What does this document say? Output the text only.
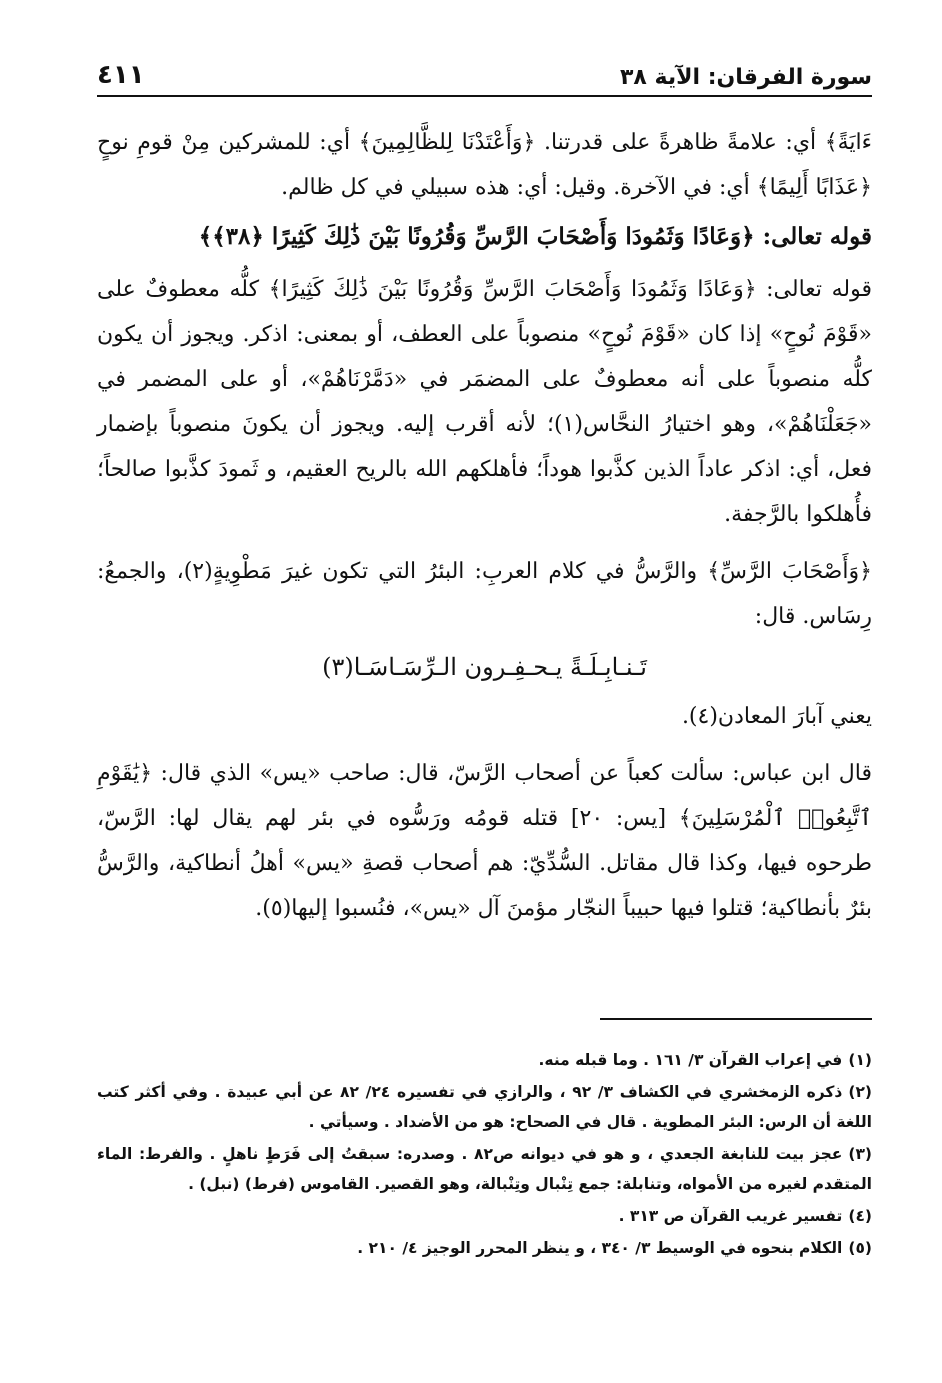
سورة الفرقان: الآية ٣٨
٤١١

ءَايَةً﴾ أي: علامةً ظاهرةً على قدرتنا. ﴿وَأَعْتَدْنَا لِلظَّالِمِينَ﴾ أي: للمشركين مِنْ قومِ نوحٍ ﴿عَذَابًا أَلِيمًا﴾ أي: في الآخرة. وقيل: أي: هذه سبيلي في كل ظالم.

قوله تعالى: ﴿وَعَادًا وَثَمُودَا وَأَصْحَابَ الرَّسِّ وَقُرُونًا بَيْنَ ذَٰلِكَ كَثِيرًا ﴿٣٨﴾﴾

قوله تعالى: ﴿وَعَادًا وَثَمُودَا وَأَصْحَابَ الرَّسِّ وَقُرُونًا بَيْنَ ذَٰلِكَ كَثِيرًا﴾ كلُّه معطوفٌ على «قَوْمَ نُوحٍ» إذا كان «قَوْمَ نُوحٍ» منصوباً على العطف، أو بمعنى: اذكر. ويجوز أن يكون كلُّه منصوباً على أنه معطوفٌ على المضمَر في «دَمَّرْنَاهُمْ»، أو على المضمر في «جَعَلْنَاهُمْ»، وهو اختيارُ النحَّاس(١)؛ لأنه أقرب إليه. ويجوز أن يكونَ منصوباً بإضمار فعل، أي: اذكر عاداً الذين كذَّبوا هوداً؛ فأهلكهم الله بالريح العقيم، و ثَمودَ كذَّبوا صالحاً؛ فأُهلكوا بالرَّجفة.

﴿وَأَصْحَابَ الرَّسِّ﴾ والرَّسُّ في كلام العربِ: البئرُ التي تكون غيرَ مَطْوِيةٍ(٢)، والجمعُ: رِسَاس. قال:

تَـنـابِـلَـةً يـحـفِـرون الـرِّسَـاسَـا(٣)

يعني آبارَ المعادن(٤).

قال ابن عباس: سألت كعباً عن أصحاب الرَّسّ، قال: صاحب «يس» الذي قال: ﴿يَٰقَوْمِ ٱتَّبِعُوا۟ ٱلْمُرْسَلِينَ﴾ [يس: ٢٠] قتله قومُه ورَسُّوه في بئر لهم يقال لها: الرَّسّ، طرحوه فيها، وكذا قال مقاتل. السُّدِّيّ: هم أصحاب قصةِ «يس» أهلُ أنطاكية، والرَّسُّ بئرٌ بأنطاكية؛ قتلوا فيها حبيباً النجّار مؤمنَ آل «يس»، فنُسبوا إليها(٥).

(١)في إعراب القرآن ٣/ ١٦١ . وما قبله منه.

(٢)ذكره الزمخشري في الكشاف ٣/ ٩٢ ، والرازي في تفسيره ٢٤/ ٨٢ عن أبي عبيدة . وفي أكثر كتب اللغة أن الرس: البئر المطوية . قال في الصحاح: هو من الأضداد . وسيأتي .

(٣)عجز بيت للنابغة الجعدي ، و هو في ديوانه ص٨٢ . وصدره: سبقتُ إلى فَرَطٍ ناهلٍ . والفرط: الماء المتقدم لغيره من الأمواه، وتنابلة: جمع تِنْبال وتِنْبالة، وهو القصير. القاموس (فرط) (نبل) .

(٤)تفسير غريب القرآن ص ٣١٣ .

(٥)الكلام بنحوه في الوسيط ٣/ ٣٤٠ ، و ينظر المحرر الوجيز ٤/ ٢١٠ .
